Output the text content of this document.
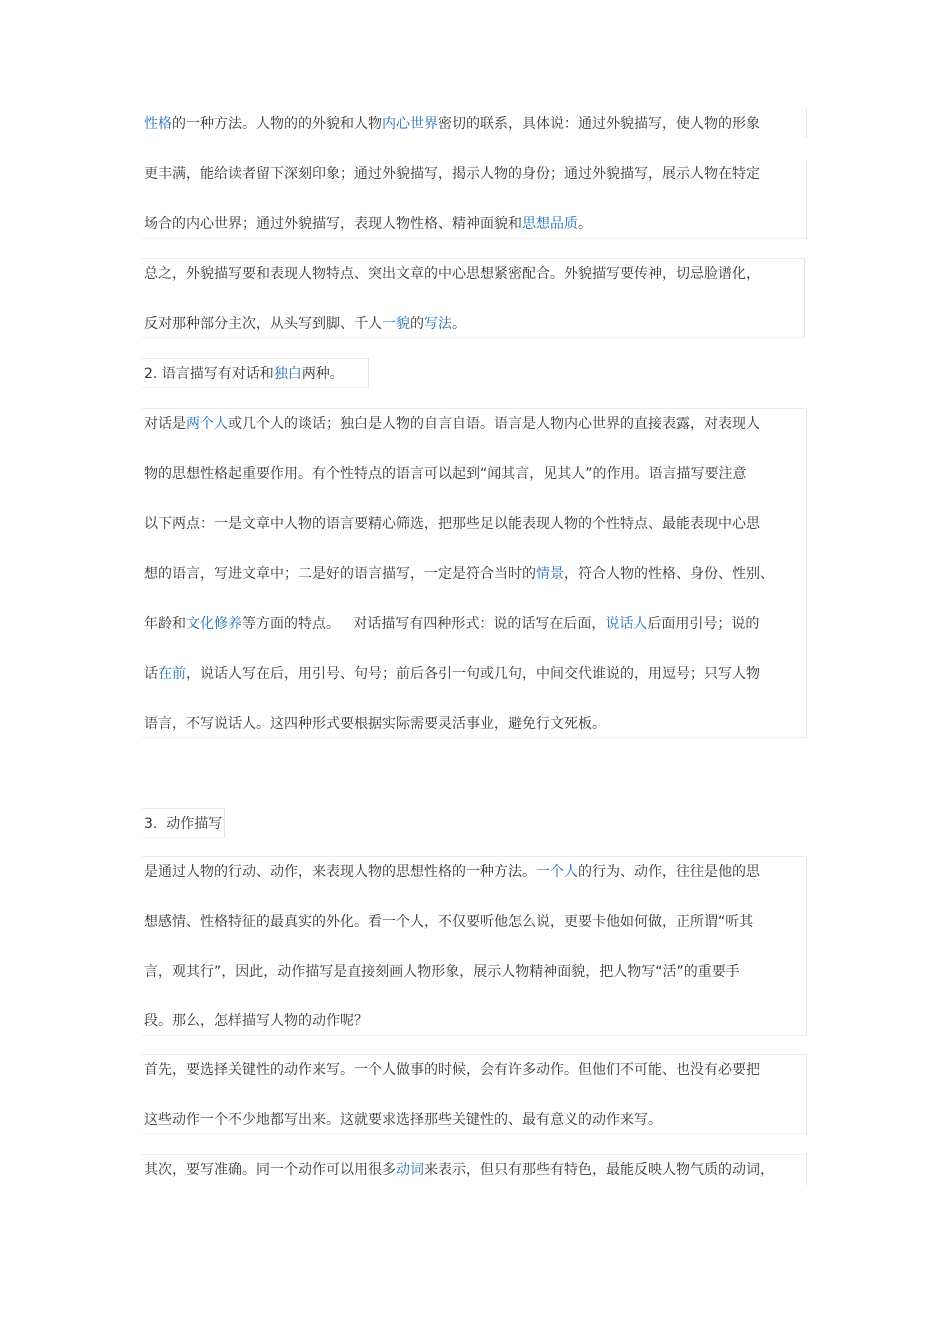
性格的一种方法。人物的的外貌和人物内心世界密切的联系，具体说：通过外貌描写，使人物的形象
更丰满，能给读者留下深刻印象；通过外貌描写，揭示人物的身份；通过外貌描写，展示人物在特定
场合的内心世界；通过外貌描写，表现人物性格、精神面貌和思想品质。
总之，外貌描写要和表现人物特点、突出文章的中心思想紧密配合。外貌描写要传神，切忌脸谱化，
反对那种部分主次，从头写到脚、千人一貌的写法。
2. 语言描写有对话和独白两种。
对话是两个人或几个人的谈话；独白是人物的自言自语。语言是人物内心世界的直接表露，对表现人
物的思想性格起重要作用。有个性特点的语言可以起到“闻其言，见其人”的作用。语言描写要注意
以下两点：一是文章中人物的语言要精心筛选，把那些足以能表现人物的个性特点、最能表现中心思
想的语言，写进文章中；二是好的语言描写，一定是符合当时的情景，符合人物的性格、身份、性别、
年龄和文化修养等方面的特点。   对话描写有四种形式：说的话写在后面，说话人后面用引号；说的
话在前，说话人写在后，用引号、句号；前后各引一句或几句，中间交代谁说的，用逗号；只写人物
语言，不写说话人。这四种形式要根据实际需要灵活事业，避免行文死板。
3.  动作描写
是通过人物的行动、动作，来表现人物的思想性格的一种方法。一个人的行为、动作，往往是他的思
想感情、性格特征的最真实的外化。看一个人，不仅要听他怎么说，更要卡他如何做，正所谓“听其
言，观其行”，因此，动作描写是直接刻画人物形象，展示人物精神面貌，把人物写“活”的重要手
段。那么，怎样描写人物的动作呢？
首先，要选择关键性的动作来写。一个人做事的时候，会有许多动作。但他们不可能、也没有必要把
这些动作一个不少地都写出来。这就要求选择那些关键性的、最有意义的动作来写。
其次，要写准确。同一个动作可以用很多动词来表示，但只有那些有特色，最能反映人物气质的动词，
